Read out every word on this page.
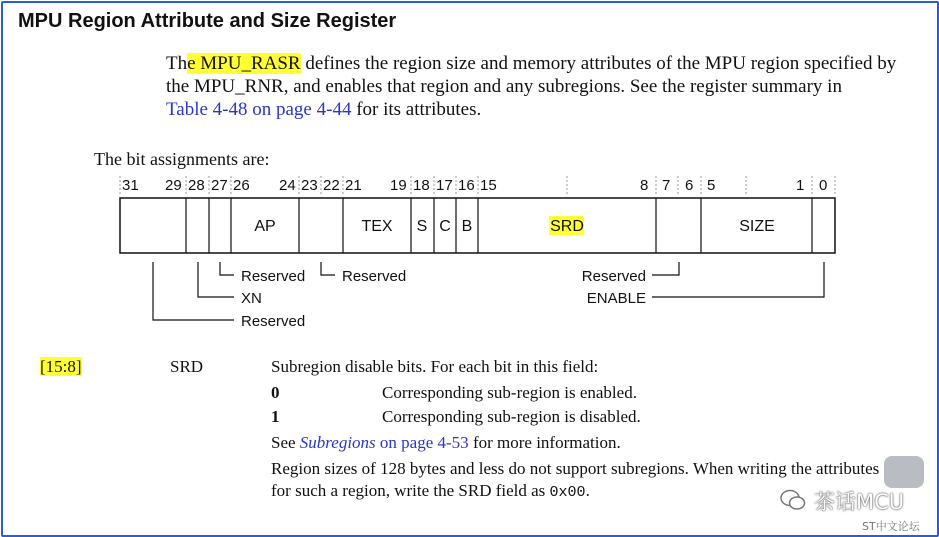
MPU Region Attribute and Size Register
The MPU_RASR defines the region size and memory attributes of the MPU region specified by
the MPU_RNR, and enables that region and any subregions. See the register summary in
Table 4-48 on page 4-44 for its attributes.
The bit assignments are:
31 29 28 27 26 24 23 22 21 19 18 17 16 15	8 7 6 5	1 0
AP	TEX S C B	SRD	SIZE
Reserved
XN
Reserved
Reserved	Reserved
ENABLE
[15:8]	SRD	Subregion disable bits. For each bit in this field:
0	Corresponding sub-region is enabled.
1	Corresponding sub-region is disabled.
See Subregions on page 4-53 for more information.
Region sizes of 128 bytes and less do not support subregions. When writing the attributes
for such a region, write the SRD field as 0x00.	茶话MCU
ST中文论坛
